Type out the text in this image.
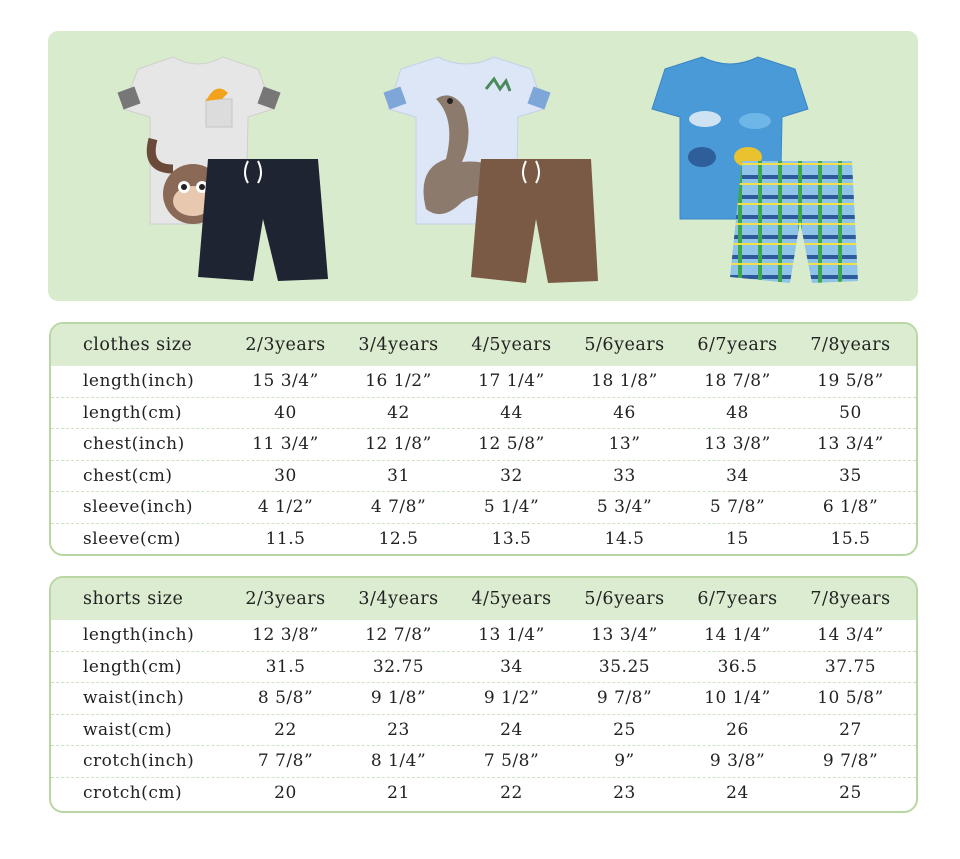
clothes size	2/3years	3/4years	4/5years	5/6years	6/7years	7/8years
length(inch)	15 3/4”	16 1/2”	17 1/4”	18 1/8”	18 7/8”	19 5/8”
length(cm)	40	42	44	46	48	50
chest(inch)	11 3/4”	12 1/8”	12 5/8”	13”	13 3/8”	13 3/4”
chest(cm)	30	31	32	33	34	35
sleeve(inch)	4 1/2”	4 7/8”	5 1/4”	5 3/4”	5 7/8”	6 1/8”
sleeve(cm)	11.5	12.5	13.5	14.5	15	15.5
shorts size	2/3years	3/4years	4/5years	5/6years	6/7years	7/8years
length(inch)	12 3/8”	12 7/8”	13 1/4”	13 3/4”	14 1/4”	14 3/4”
length(cm)	31.5	32.75	34	35.25	36.5	37.75
waist(inch)	8 5/8”	9 1/8”	9 1/2”	9 7/8”	10 1/4”	10 5/8”
waist(cm)	22	23	24	25	26	27
crotch(inch)	7 7/8”	8 1/4”	7 5/8”	9”	9 3/8”	9 7/8”
crotch(cm)	20	21	22	23	24	25
